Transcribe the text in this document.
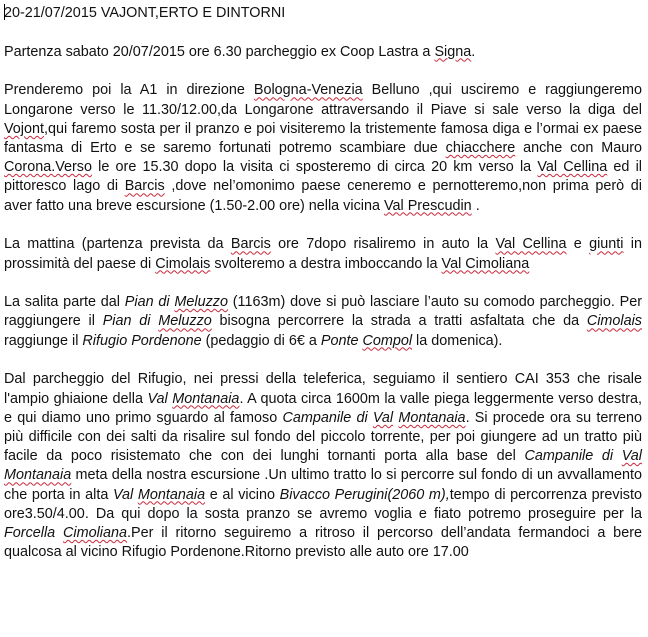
20-21/07/2015 VAJONT,ERTO E DINTORNI
Partenza sabato 20/07/2015 ore 6.30 parcheggio ex Coop Lastra a Signa.
Prenderemo poi la A1 in direzione Bologna-Venezia Belluno ,qui usciremo e raggiungeremo Longarone verso le 11.30/12.00,da Longarone attraversando il Piave si sale verso la diga del Vojont,qui faremo sosta per il pranzo e poi visiteremo la tristemente famosa diga e l’ormai ex paese fantasma di Erto e se saremo fortunati potremo scambiare due chiacchere anche con Mauro Corona.Verso le ore 15.30 dopo la visita ci sposteremo di circa 20 km verso la Val Cellina ed il pittoresco lago di Barcis ,dove nel’omonimo paese ceneremo e pernotteremo,non prima però di aver fatto una breve escursione (1.50-2.00 ore) nella vicina Val Prescudin .
La mattina (partenza prevista da Barcis ore 7dopo risaliremo in auto la Val Cellina e giunti in prossimità del paese di Cimolais svolteremo a destra imboccando la Val Cimoliana
La salita parte dal Pian di Meluzzo (1163m) dove si può lasciare l’auto su comodo parcheggio. Per raggiungere il Pian di Meluzzo bisogna percorrere la strada a tratti asfaltata che da Cimolais raggiunge il Rifugio Pordenone (pedaggio di 6€ a Ponte Compol la domenica).
Dal parcheggio del Rifugio, nei pressi della teleferica, seguiamo il sentiero CAI 353 che risale l'ampio ghiaione della Val Montanaia. A quota circa 1600m la valle piega leggermente verso destra, e qui diamo uno primo sguardo al famoso Campanile di Val Montanaia. Si procede ora su terreno più difficile con dei salti da risalire sul fondo del piccolo torrente, per poi giungere ad un tratto più facile da poco risistemato che con dei lunghi tornanti porta alla base del Campanile di Val Montanaia meta della nostra escursione .Un ultimo tratto lo si percorre sul fondo di un avvallamento che porta in alta Val Montanaia e al vicino Bivacco Perugini(2060 m),tempo di percorrenza previsto ore3.50/4.00. Da qui dopo la sosta pranzo se avremo voglia e fiato potremo proseguire per la Forcella Cimoliana.Per il ritorno seguiremo a ritroso il percorso dell’andata fermandoci a bere qualcosa al vicino Rifugio Pordenone.Ritorno previsto alle auto ore 17.00
